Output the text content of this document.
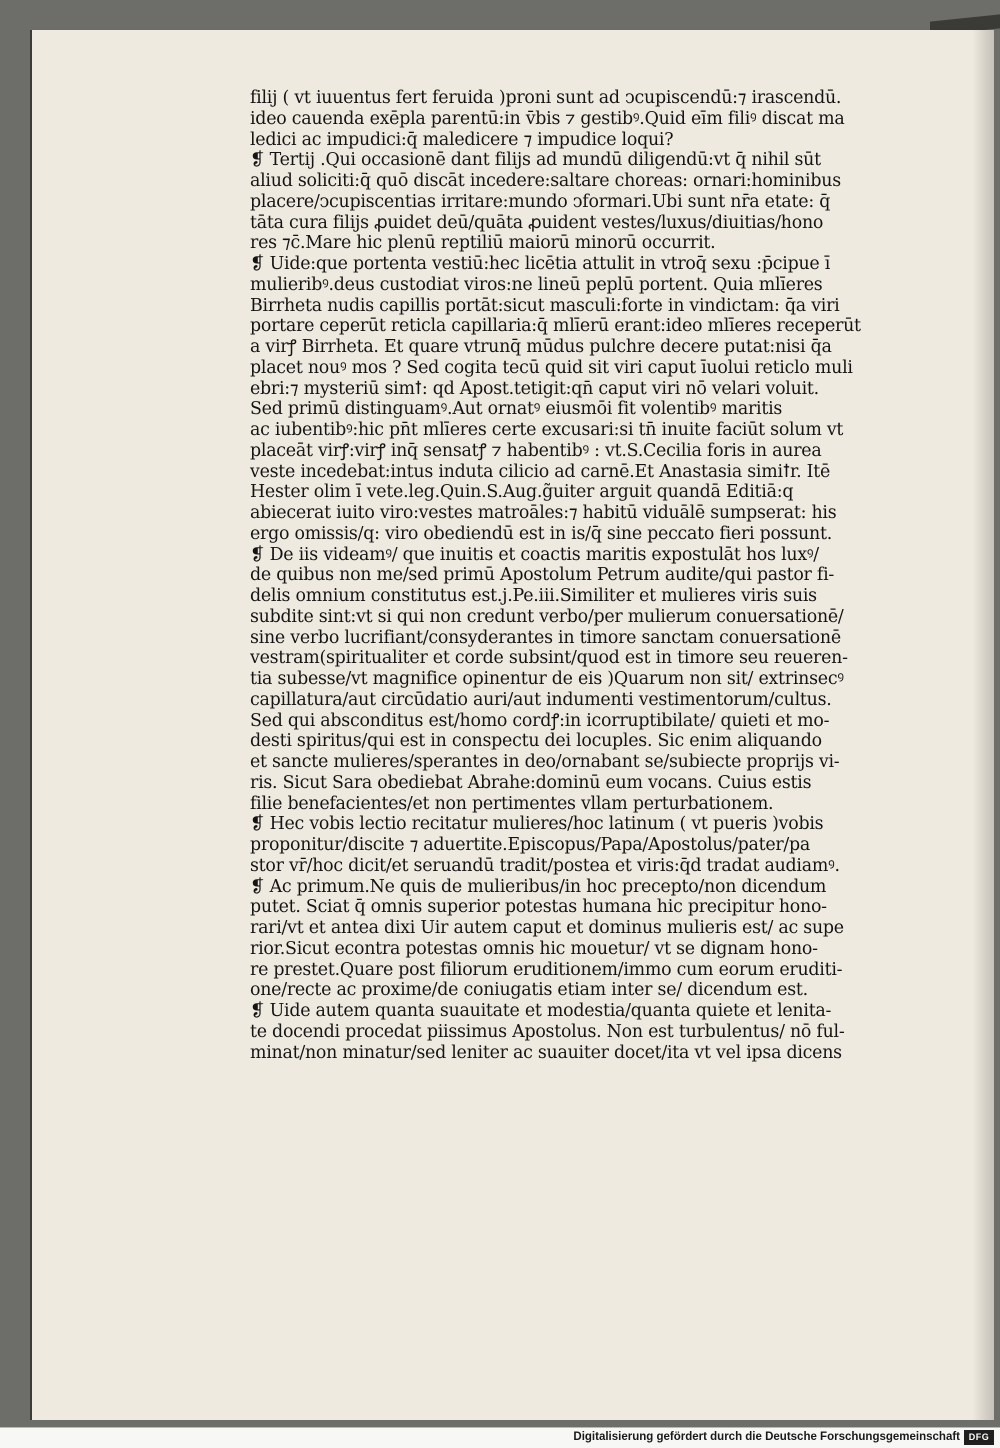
filij ( vt iuuentus fert feruida )proni sunt ad ↄcupiscendū:⁊ irascendū.
ideo cauenda exēpla parentū:in v̄bis ⁊ gestibꝰ.Quid eīm filiꝰ discat ma
ledici ac impudici:q̄ maledicere ⁊ impudice loqui?
❡ Tertij .Qui occasionē dant filijs ad mundū diligendū:vt q̄ nihil sūt
aliud soliciti:q̄ quō discāt incedere:saltare choreas: ornari:hominibus
placere/ↄcupiscentias irritare:mundo ↄformari.Ubi sunt nr̄a etate: q̄
tāta cura filijs ꝓuidet deū/quāta ꝓuident vestes/luxus/diuitias/hono
res ⁊c̄.Mare hic plenū reptiliū maiorū minorū occurrit.
❡ Uide:que portenta vestiū:hec licētia attulit in vtroq̄ sexu :p̄cipue ī
mulieribꝰ.deus custodiat viros:ne lineū peplū portent. Quia mlīeres
Birrheta nudis capillis portāt:sicut masculi:forte in vindictam: q̄a viri
portare ceperūt reticl̄a capillaria:q̄ mlīerū erant:ideo mlīeres receperūt
a virꝭ Birrheta. Et quare vtrunq̄ mūdus pulchre decere putat:nisi q̄a
placet nouꝰ mos ? Sed cogita tecū quid sit viri caput īuolui reticl̄o muli
ebri:⁊ mysteriū simꝉ: qd̄ Apost.tetigit:qn̄ caput viri nō velari voluit.
Sed primū distinguamꝰ.Aut ornatꝰ eiusmōi fit volentibꝰ maritis
ac iubentibꝰ:hic pn̄t mlīeres certe excusari:si tn̄ inuite faciūt solum vt
placeāt virꝭ:virꝭ inq̄ sensatꝭ ⁊ habentibꝰ : vt.S.Cecilia foris in aurea
veste incedebat:intus induta cilicio ad carnē.Et Anastasia simiꝉr. Itē
Hester olim ī vete.leg.Quin.S.Aug.g̃uiter arguit quandā Editiā:q
abiecerat iuito viro:vestes matroāles:⁊ habitū viduālē sumpserat: his
ergo omissis/q: viro obediendū est in is/q̄ sine peccato fieri possunt.
❡ De iis videamꝰ/ que inuitis et coactis maritis expostulāt hos luxꝰ/
de quibus non me/sed primū Apostolum Petrum audite/qui pastor fi-
delis omnium constitutus est.j.Pe.iii.Similiter et mulieres viris suis
subdite sint:vt si qui non credunt verbo/per mulierum conuersationē/
sine verbo lucrifiant/consyderantes in timore sanctam conuersationē
vestram(spiritualiter et corde subsint/quod est in timore seu reueren-
tia subesse/vt magnifice opinentur de eis )Quarum non sit/ extrinsecꝰ
capillatura/aut circūdatio auri/aut indumenti vestimentorum/cultus.
Sed qui absconditus est/homo cordꝭ:in icorruptibilate/ quieti et mo-
desti spiritus/qui est in conspectu dei locuples. Sic enim aliquando
et sancte mulieres/sperantes in deo/ornabant se/subiecte proprijs vi-
ris. Sicut Sara obediebat Abrahe:dominū eum vocans. Cuius estis
filie benefacientes/et non pertimentes vllam perturbationem.
❡ Hec vobis lectio recitatur mulieres/hoc latinum ( vt pueris )vobis
proponitur/discite ⁊ aduertite.Episcopus/Papa/Apostolus/pater/pa
stor vr̄/hoc dicit/et seruandū tradit/postea et viris:q̄d tradat audiamꝰ.
❡ Ac primum.Ne quis de mulieribus/in hoc precepto/non dicendum
putet. Sciat q̄ omnis superior potestas humana hic precipitur hono-
rari/vt et antea dixi Uir autem caput et dominus mulieris est/ ac supe
rior.Sicut econtra potestas omnis hic mouetur/ vt se dignam hono-
re prestet.Quare post filiorum eruditionem/immo cum eorum eruditi-
one/recte ac proxime/de coniugatis etiam inter se/ dicendum est.
❡ Uide autem quanta suauitate et modestia/quanta quiete et lenita-
te docendi procedat piissimus Apostolus. Non est turbulentus/ nō ful-
minat/non minatur/sed leniter ac suauiter docet/ita vt vel ipsa dicens
Digitalisierung gefördert durch die Deutsche Forschungsgemeinschaft DFG
